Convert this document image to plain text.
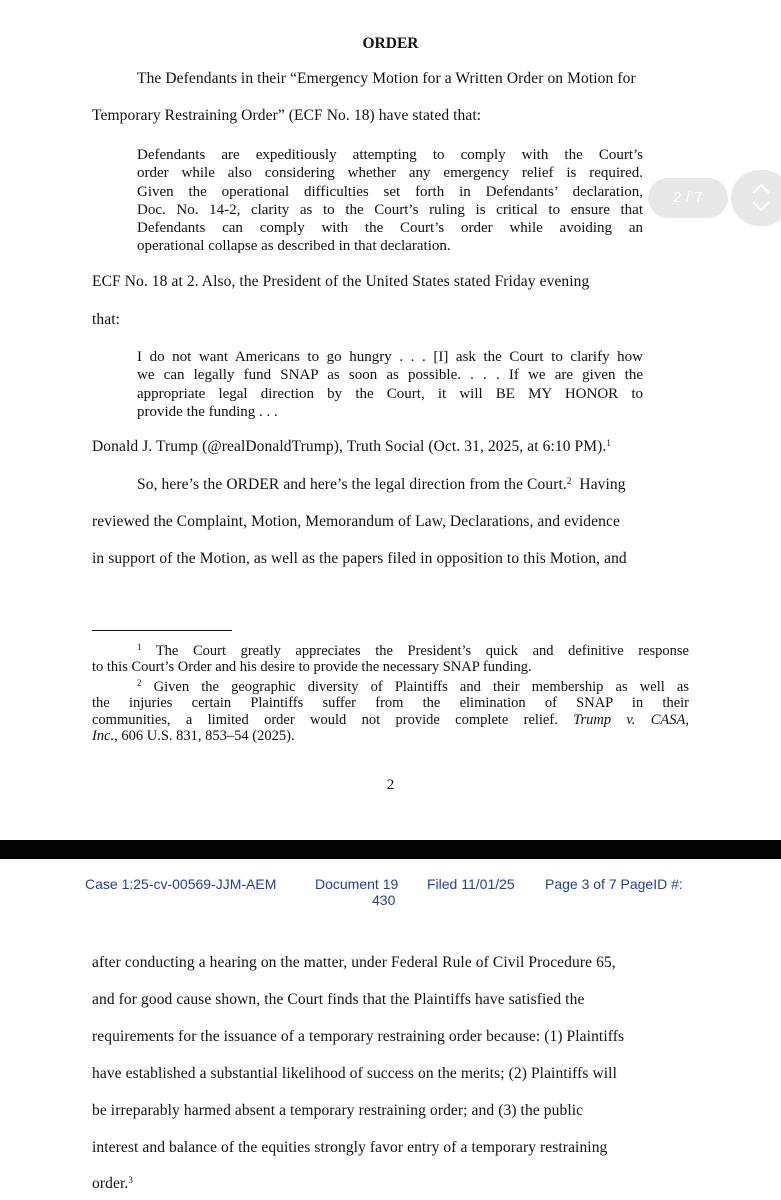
ORDER
The Defendants in their “Emergency Motion for a Written Order on Motion for
Temporary Restraining Order” (ECF No. 18) have stated that:
Defendants are expeditiously attempting to comply with the Court’s
order while also considering whether any emergency relief is required.
Given the operational difficulties set forth in Defendants’ declaration,
Doc. No. 14-2, clarity as to the Court’s ruling is critical to ensure that
Defendants can comply with the Court’s order while avoiding an
operational collapse as described in that declaration.
ECF No. 18 at 2. Also, the President of the United States stated Friday evening
that:
I do not want Americans to go hungry . . . [I] ask the Court to clarify how
we can legally fund SNAP as soon as possible. . . . If we are given the
appropriate legal direction by the Court, it will BE MY HONOR to
provide the funding . . .
Donald J. Trump (@realDonaldTrump), Truth Social (Oct. 31, 2025, at 6:10 PM).$^1$
So, here’s the ORDER and here’s the legal direction from the Court.$^2$  Having
reviewed the Complaint, Motion, Memorandum of Law, Declarations, and evidence
in support of the Motion, as well as the papers filed in opposition to this Motion, and
$^1$ The Court greatly appreciates the President’s quick and definitive response
to this Court’s Order and his desire to provide the necessary SNAP funding.
$^2$ Given the geographic diversity of Plaintiffs and their membership as well as
the injuries certain Plaintiffs suffer from the elimination of SNAP in their
communities, a limited order would not provide complete relief. Trump v. CASA,
Inc., 606 U.S. 831, 853–54 (2025).
2
2 / 7
Case 1:25-cv-00569-JJM-AEM	Document 19 Filed 11/01/25 Page 3 of 7 PageID #:
430
after conducting a hearing on the matter, under Federal Rule of Civil Procedure 65,
and for good cause shown, the Court finds that the Plaintiffs have satisfied the
requirements for the issuance of a temporary restraining order because: (1) Plaintiffs
have established a substantial likelihood of success on the merits; (2) Plaintiffs will
be irreparably harmed absent a temporary restraining order; and (3) the public
interest and balance of the equities strongly favor entry of a temporary restraining
order.$^3$
